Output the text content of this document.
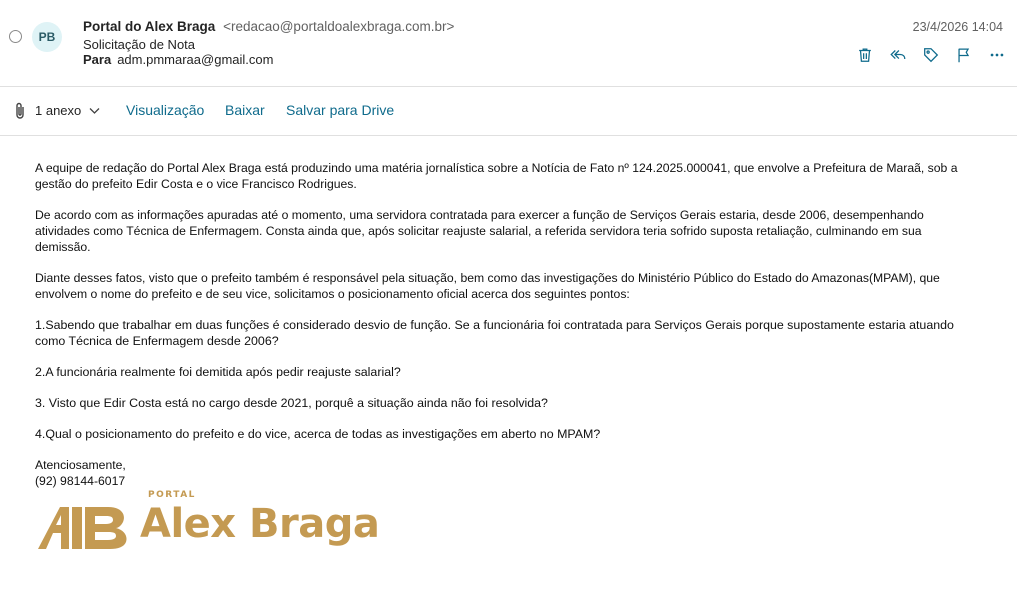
PB
Portal do Alex Braga <redacao@portaldoalexbraga.com.br>
Solicitação de Nota
Para adm.pmmaraa@gmail.com
23/4/2026 14:04
1 anexo	Visualização Baixar Salvar para Drive

A equipe de redação do Portal Alex Braga está produzindo uma matéria jornalística sobre a Notícia de Fato nº 124.2025.000041, que envolve a Prefeitura de Maraã, sob a gestão do prefeito Edir Costa e o vice Francisco Rodrigues.

De acordo com as informações apuradas até o momento, uma servidora contratada para exercer a função de Serviços Gerais estaria, desde 2006, desempenhando atividades como Técnica de Enfermagem. Consta ainda que, após solicitar reajuste salarial, a referida servidora teria sofrido suposta retaliação, culminando em sua demissão.

Diante desses fatos, visto que o prefeito também é responsável pela situação, bem como das investigações do Ministério Público do Estado do Amazonas(MPAM), que envolvem o nome do prefeito e de seu vice, solicitamos o posicionamento oficial acerca dos seguintes pontos:

1.Sabendo que trabalhar em duas funções é considerado desvio de função. Se a funcionária foi contratada para Serviços Gerais porque supostamente estaria atuando como Técnica de Enfermagem desde 2006?

2.A funcionária realmente foi demitida após pedir reajuste salarial?

3. Visto que Edir Costa está no cargo desde 2021, porquê a situação ainda não foi resolvida?

4.Qual o posicionamento do prefeito e do vice, acerca de todas as investigações em aberto no MPAM?

Atenciosamente,
(92) 98144-6017
PORTAL
Alex Braga
